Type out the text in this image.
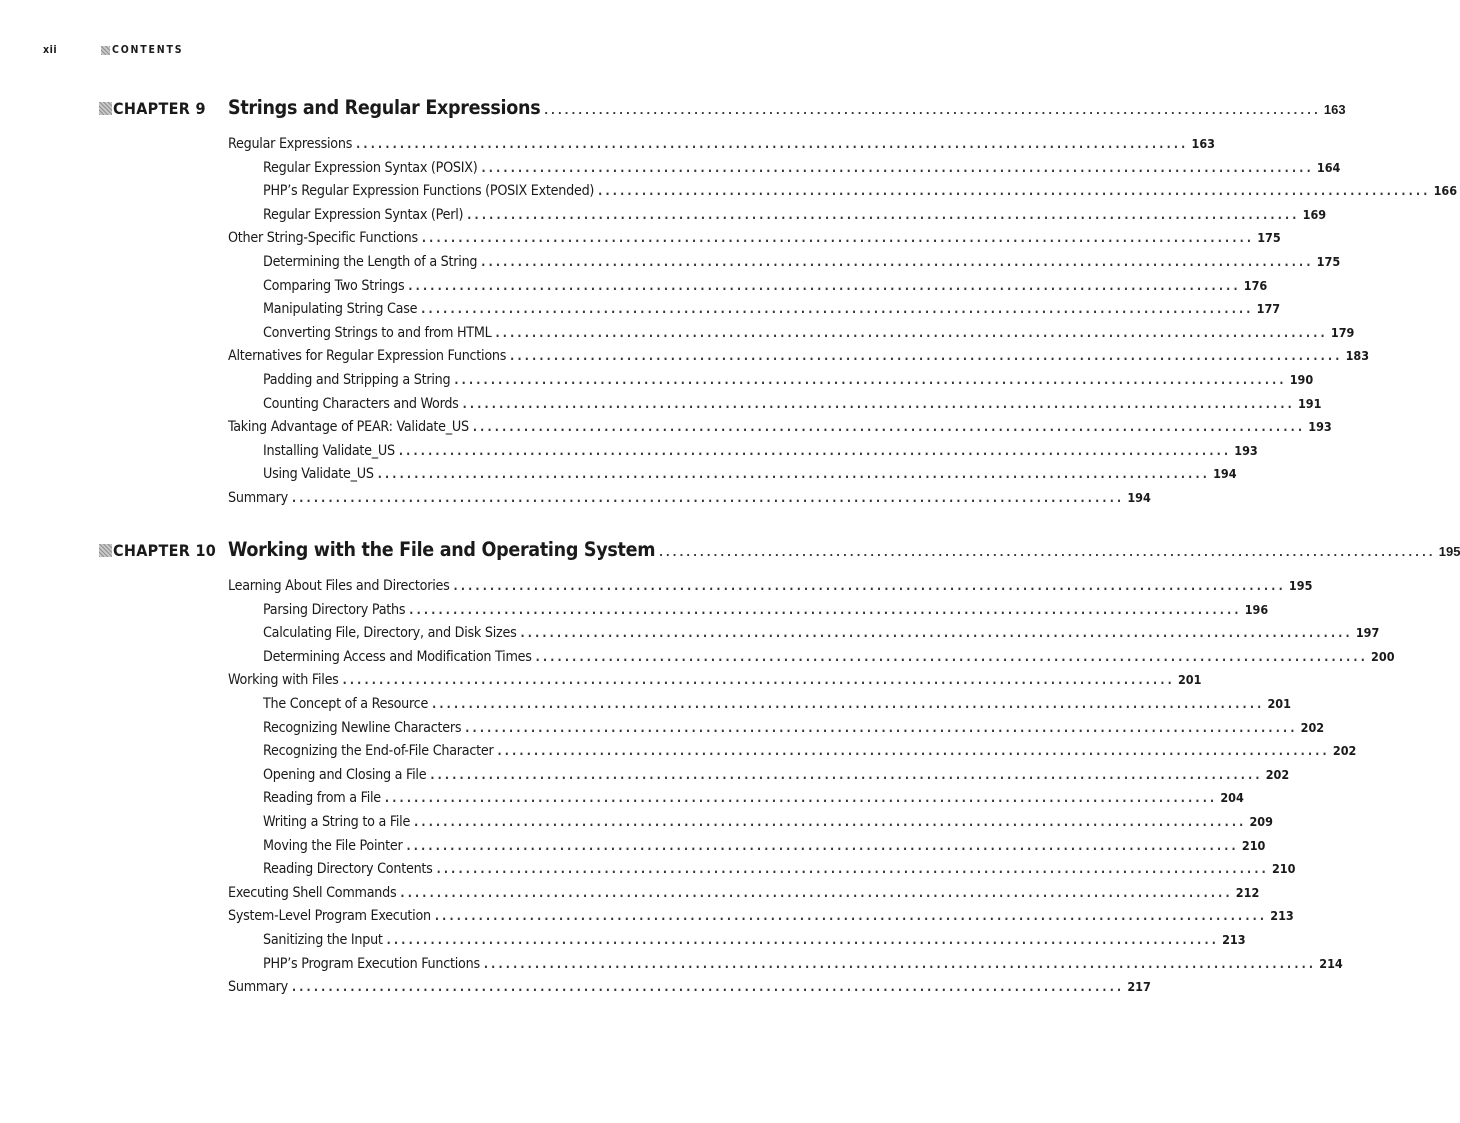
xii	CONTENTS
CHAPTER 9 Strings and Regular Expressions .................................................................................................................. 163
Regular Expressions .................................................................................................................. 163
Regular Expression Syntax (POSIX) .................................................................................................................. 164
PHP’s Regular Expression Functions (POSIX Extended) .................................................................................................................. 166
Regular Expression Syntax (Perl) .................................................................................................................. 169
Other String-Specific Functions .................................................................................................................. 175
Determining the Length of a String .................................................................................................................. 175
Comparing Two Strings .................................................................................................................. 176
Manipulating String Case .................................................................................................................. 177
Converting Strings to and from HTML .................................................................................................................. 179
Alternatives for Regular Expression Functions .................................................................................................................. 183
Padding and Stripping a String .................................................................................................................. 190
Counting Characters and Words .................................................................................................................. 191
Taking Advantage of PEAR: Validate_US .................................................................................................................. 193
Installing Validate_US .................................................................................................................. 193
Using Validate_US .................................................................................................................. 194
Summary .................................................................................................................. 194
CHAPTER 10 Working with the File and Operating System .................................................................................................................. 195
Learning About Files and Directories .................................................................................................................. 195
Parsing Directory Paths .................................................................................................................. 196
Calculating File, Directory, and Disk Sizes .................................................................................................................. 197
Determining Access and Modification Times .................................................................................................................. 200
Working with Files .................................................................................................................. 201
The Concept of a Resource .................................................................................................................. 201
Recognizing Newline Characters .................................................................................................................. 202
Recognizing the End-of-File Character .................................................................................................................. 202
Opening and Closing a File .................................................................................................................. 202
Reading from a File .................................................................................................................. 204
Writing a String to a File .................................................................................................................. 209
Moving the File Pointer .................................................................................................................. 210
Reading Directory Contents .................................................................................................................. 210
Executing Shell Commands .................................................................................................................. 212
System-Level Program Execution .................................................................................................................. 213
Sanitizing the Input .................................................................................................................. 213
PHP’s Program Execution Functions .................................................................................................................. 214
Summary .................................................................................................................. 217
